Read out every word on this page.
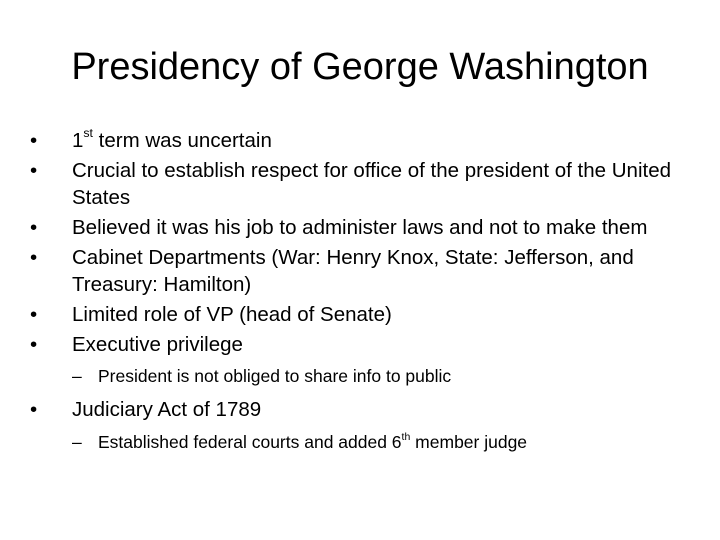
Presidency of George Washington
•	1st term was uncertain
•	Crucial to establish respect for office of the president of the United States
•	Believed it was his job to administer laws and not to make them
•	Cabinet Departments (War: Henry Knox, State: Jefferson, and Treasury: Hamilton)
•	Limited role of VP (head of Senate)
•	Executive privilege
– President is not obliged to share info to public
•	Judiciary Act of 1789
– Established federal courts and added 6th member judge
